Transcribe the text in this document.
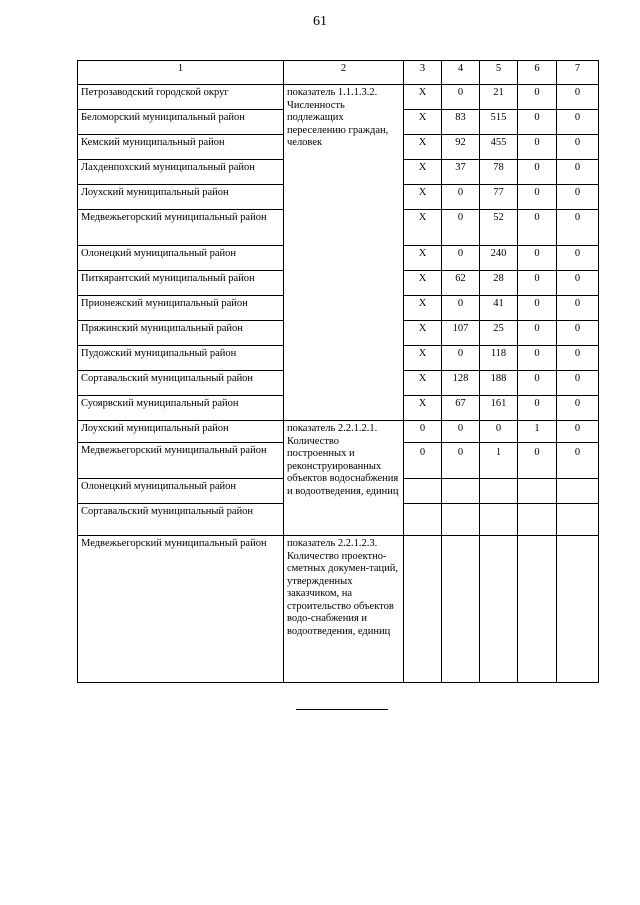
61
1	2	3	4	5	6	7
Петрозаводский городской округ	показатель 1.1.1.3.2. Численность подлежащих переселению граждан, человек	X	0	21	0	0
Беломорский муниципальный район		X	83	515	0	0
Кемский муниципальный район		X	92	455	0	0
Лахденпохский муниципальный район		X	37	78	0	0
Лоухский муниципальный район		X	0	77	0	0
Медвежьегорский муниципальный район		X	0	52	0	0
Олонецкий муниципальный район		X	0	240	0	0
Питкярантский муниципальный район		X	62	28	0	0
Прионежский муниципальный район		X	0	41	0	0
Пряжинский муниципальный район		X	107	25	0	0
Пудожский муниципальный район		X	0	118	0	0
Сортавальский муниципальный район		X	128	188	0	0
Суоярвский муниципальный район		X	67	161	0	0
Лоухский муниципальный район	показатель 2.2.1.2.1. Количество построенных и реконструированных объектов водоснабжения и водоотведения, единиц	0	0	0	1	0
Медвежьегорский муниципальный район		0	0	1	0	0
Олонецкий муниципальный район						
Сортавальский муниципальный район						
Медвежьегорский муниципальный район	показатель 2.2.1.2.3. Количество проектно-сметных докумен-таций, утвержденных заказчиком, на строительство объектов водо-снабжения и водоотведения, единиц					
